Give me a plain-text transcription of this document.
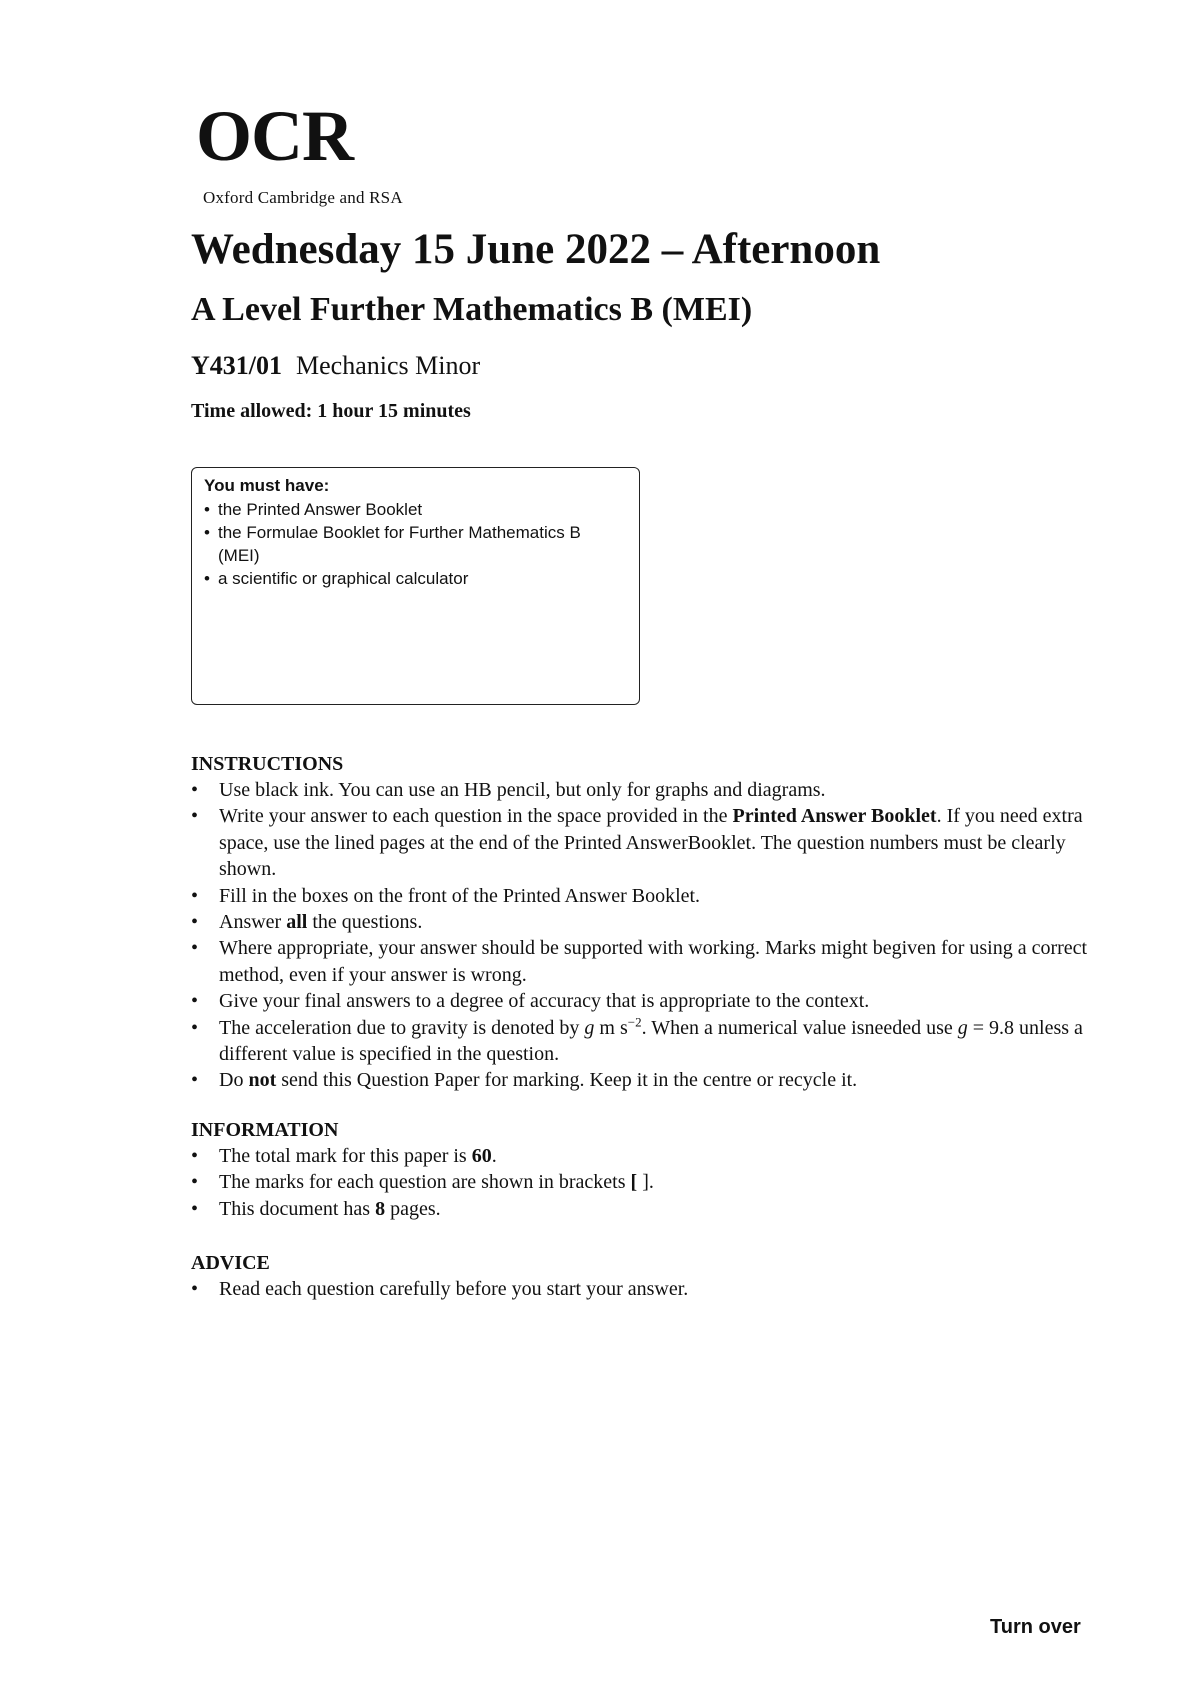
OCR
Oxford Cambridge and RSA
Wednesday 15 June 2022 – Afternoon
A Level Further Mathematics B (MEI)
Y431/01 Mechanics Minor
Time allowed: 1 hour 15 minutes
You must have:
• the Printed Answer Booklet
• the Formulae Booklet for Further Mathematics B (MEI)
• a scientific or graphical calculator
INSTRUCTIONS
• Use black ink. You can use an HB pencil, but only for graphs and diagrams.
• Write your answer to each question in the space provided in the Printed Answer Booklet. If you need extra space, use the lined pages at the end of the Printed AnswerBooklet. The question numbers must be clearly shown.
• Fill in the boxes on the front of the Printed Answer Booklet.
• Answer all the questions.
• Where appropriate, your answer should be supported with working. Marks might begiven for using a correct method, even if your answer is wrong.
• Give your final answers to a degree of accuracy that is appropriate to the context.
• The acceleration due to gravity is denoted by g m $s^{-2}$. When a numerical value isneeded use g = 9.8 unless a different value is specified in the question.
• Do not send this Question Paper for marking. Keep it in the centre or recycle it.
INFORMATION
• The total mark for this paper is 60.
• The marks for each question are shown in brackets [ ].
• This document has 8 pages.
ADVICE
• Read each question carefully before you start your answer.
Turn over
